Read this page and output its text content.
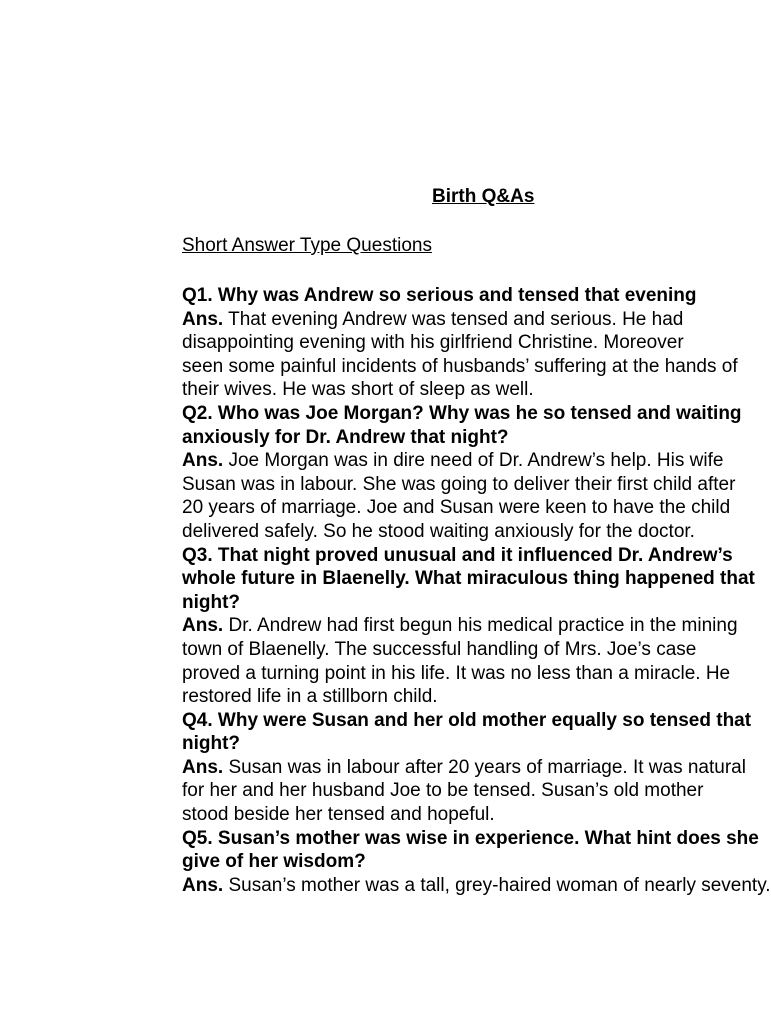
Birth Q&As
Short Answer Type Questions
Q1. Why was Andrew so serious and tensed that evening
Ans. That evening Andrew was tensed and serious. He had
disappointing evening with his girlfriend Christine. Moreover
seen some painful incidents of husbands’ suffering at the hands of
their wives. He was short of sleep as well.
Q2. Who was Joe Morgan? Why was he so tensed and waiting
anxiously for Dr. Andrew that night?
Ans. Joe Morgan was in dire need of Dr. Andrew’s help. His wife
Susan was in labour. She was going to deliver their first child after
20 years of marriage. Joe and Susan were keen to have the child
delivered safely. So he stood waiting anxiously for the doctor.
Q3. That night proved unusual and it influenced Dr. Andrew’s
whole future in Blaenelly. What miraculous thing happened that
night?
Ans. Dr. Andrew had first begun his medical practice in the mining
town of Blaenelly. The successful handling of Mrs. Joe’s case
proved a turning point in his life. It was no less than a miracle. He
restored life in a stillborn child.
Q4. Why were Susan and her old mother equally so tensed that
night?
Ans. Susan was in labour after 20 years of marriage. It was natural
for her and her husband Joe to be tensed. Susan’s old mother
stood beside her tensed and hopeful.
Q5. Susan’s mother was wise in experience. What hint does she
give of her wisdom?
Ans. Susan’s mother was a tall, grey-haired woman of nearly seventy.
